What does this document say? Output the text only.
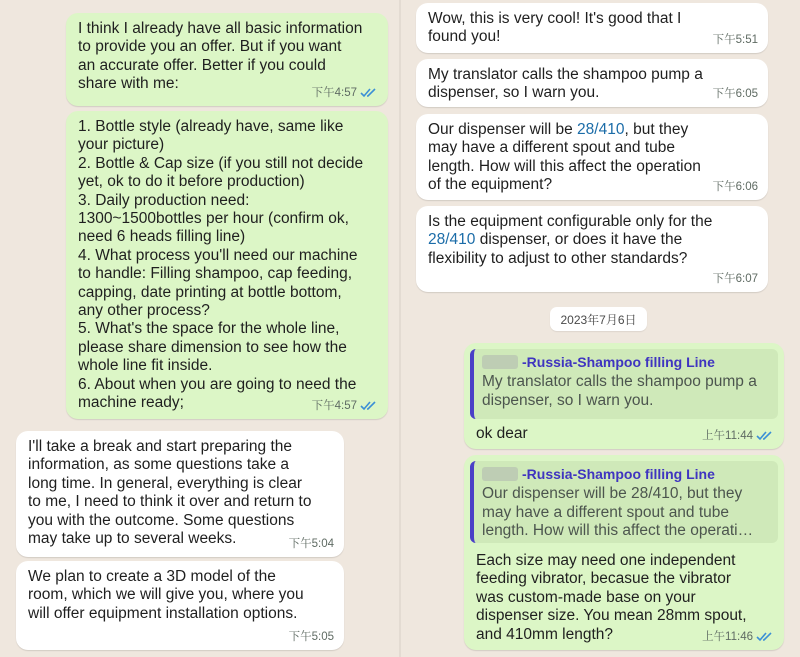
I think I already have all basic information
to provide you an offer. But if you want
an accurate offer. Better if you could
share with me:
下午4:57
1. Bottle style (already have, same like
your picture)
2. Bottle & Cap size (if you still not decide
yet, ok to do it before production)
3. Daily production need:
1300~1500bottles per hour (confirm ok,
need 6 heads filling line)
4. What process you'll need our machine
to handle: Filling shampoo, cap feeding,
capping, date printing at bottle bottom,
any other process?
5. What's the space for the whole line,
please share dimension to see how the
whole line fit inside.
6. About when you are going to need the
machine ready;	下午4:57
I'll take a break and start preparing the
information, as some questions take a
long time. In general, everything is clear
to me, I need to think it over and return to
you with the outcome. Some questions
may take up to several weeks.	下午5:04
We plan to create a 3D model of the
room, which we will give you, where you
will offer equipment installation options.
下午5:05
Wow, this is very cool! It's good that I
found you!	下午5:51
My translator calls the shampoo pump a
dispenser, so I warn you.	下午6:05
Our dispenser will be 28/410, but they
may have a different spout and tube
length. How will this affect the operation
of the equipment?	下午6:06
Is the equipment configurable only for the
28/410 dispenser, or does it have the
flexibility to adjust to other standards?
下午6:07
2023年7月6日
-Russia-Shampoo filling Line
My translator calls the shampoo pump a
dispenser, so I warn you.
ok dear	上午11:44
-Russia-Shampoo filling Line
Our dispenser will be 28/410, but they
may have a different spout and tube
length. How will this affect the operati…
Each size may need one independent
feeding vibrator, becasue the vibrator
was custom-made base on your
dispenser size. You mean 28mm spout,
and 410mm length?	上午11:46
